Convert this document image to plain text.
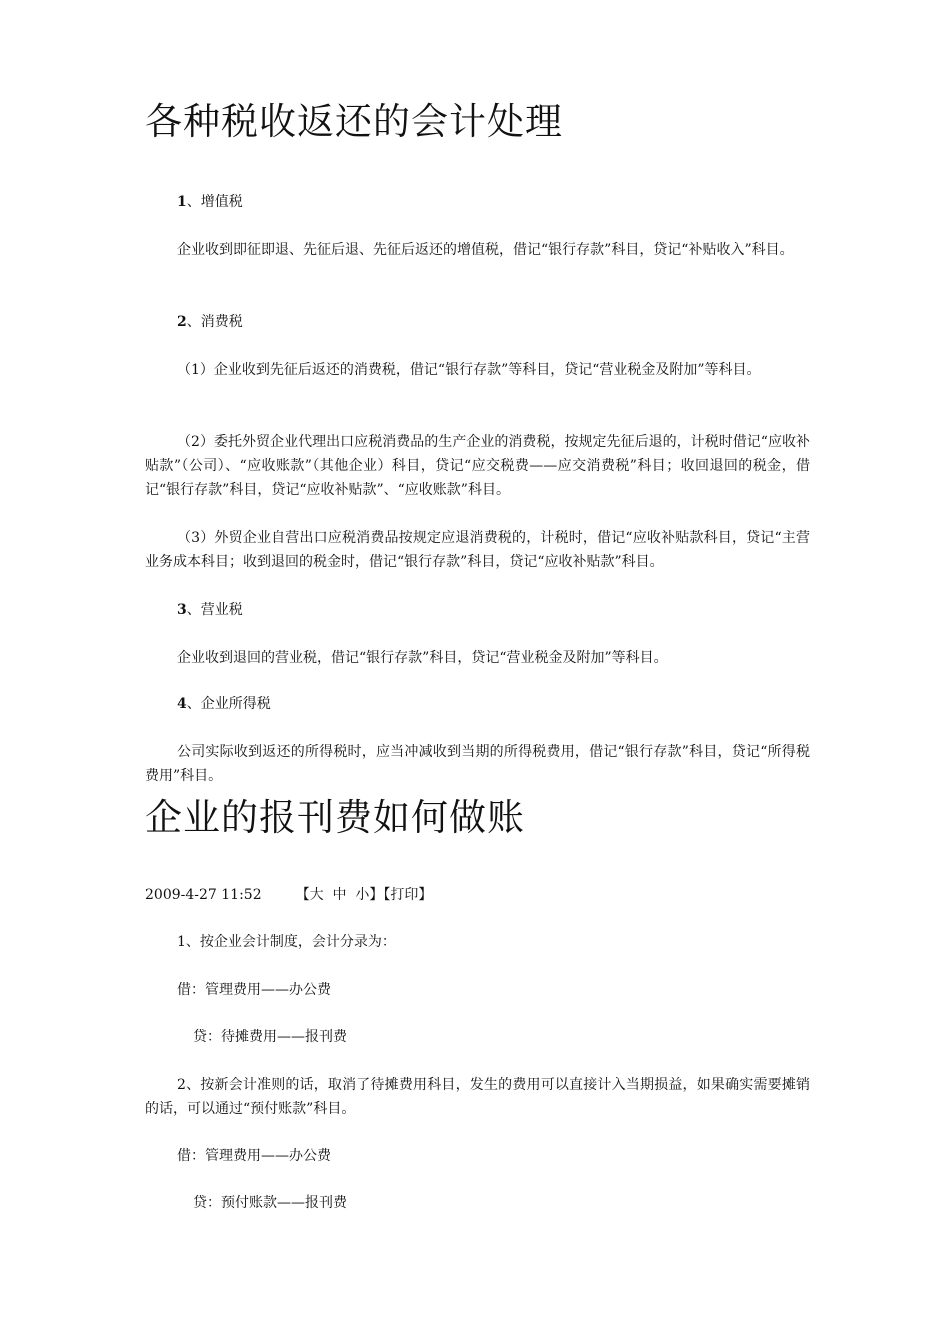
各种税收返还的会计处理
1、增值税

企业收到即征即退、先征后退、先征后返还的增值税，借记“银行存款”科目，贷记“补贴收入”科目。

2、消费税

（1）企业收到先征后返还的消费税，借记“银行存款”等科目，贷记“营业税金及附加”等科目。

（2）委托外贸企业代理出口应税消费品的生产企业的消费税，按规定先征后退的，计税时借记“应收补贴款”（公司）、“应收账款”（其他企业）科目，贷记“应交税费——应交消费税”科目；收回退回的税金，借记“银行存款”科目，贷记“应收补贴款”、“应收账款”科目。

（3）外贸企业自营出口应税消费品按规定应退消费税的，计税时，借记“应收补贴款科目，贷记“主营业务成本科目；收到退回的税金时，借记“银行存款”科目，贷记“应收补贴款”科目。

3、营业税

企业收到退回的营业税，借记“银行存款”科目，贷记“营业税金及附加”等科目。

4、企业所得税

公司实际收到返还的所得税时，应当冲减收到当期的所得税费用，借记“银行存款”科目，贷记“所得税费用”科目。

企业的报刊费如何做账
2009-4-27 11:52 【大 中 小】【打印】

1、按企业会计制度，会计分录为：

借：管理费用——办公费

贷：待摊费用——报刊费

2、按新会计准则的话，取消了待摊费用科目，发生的费用可以直接计入当期损益，如果确实需要摊销的话，可以通过“预付账款”科目。

借：管理费用——办公费

贷：预付账款——报刊费
